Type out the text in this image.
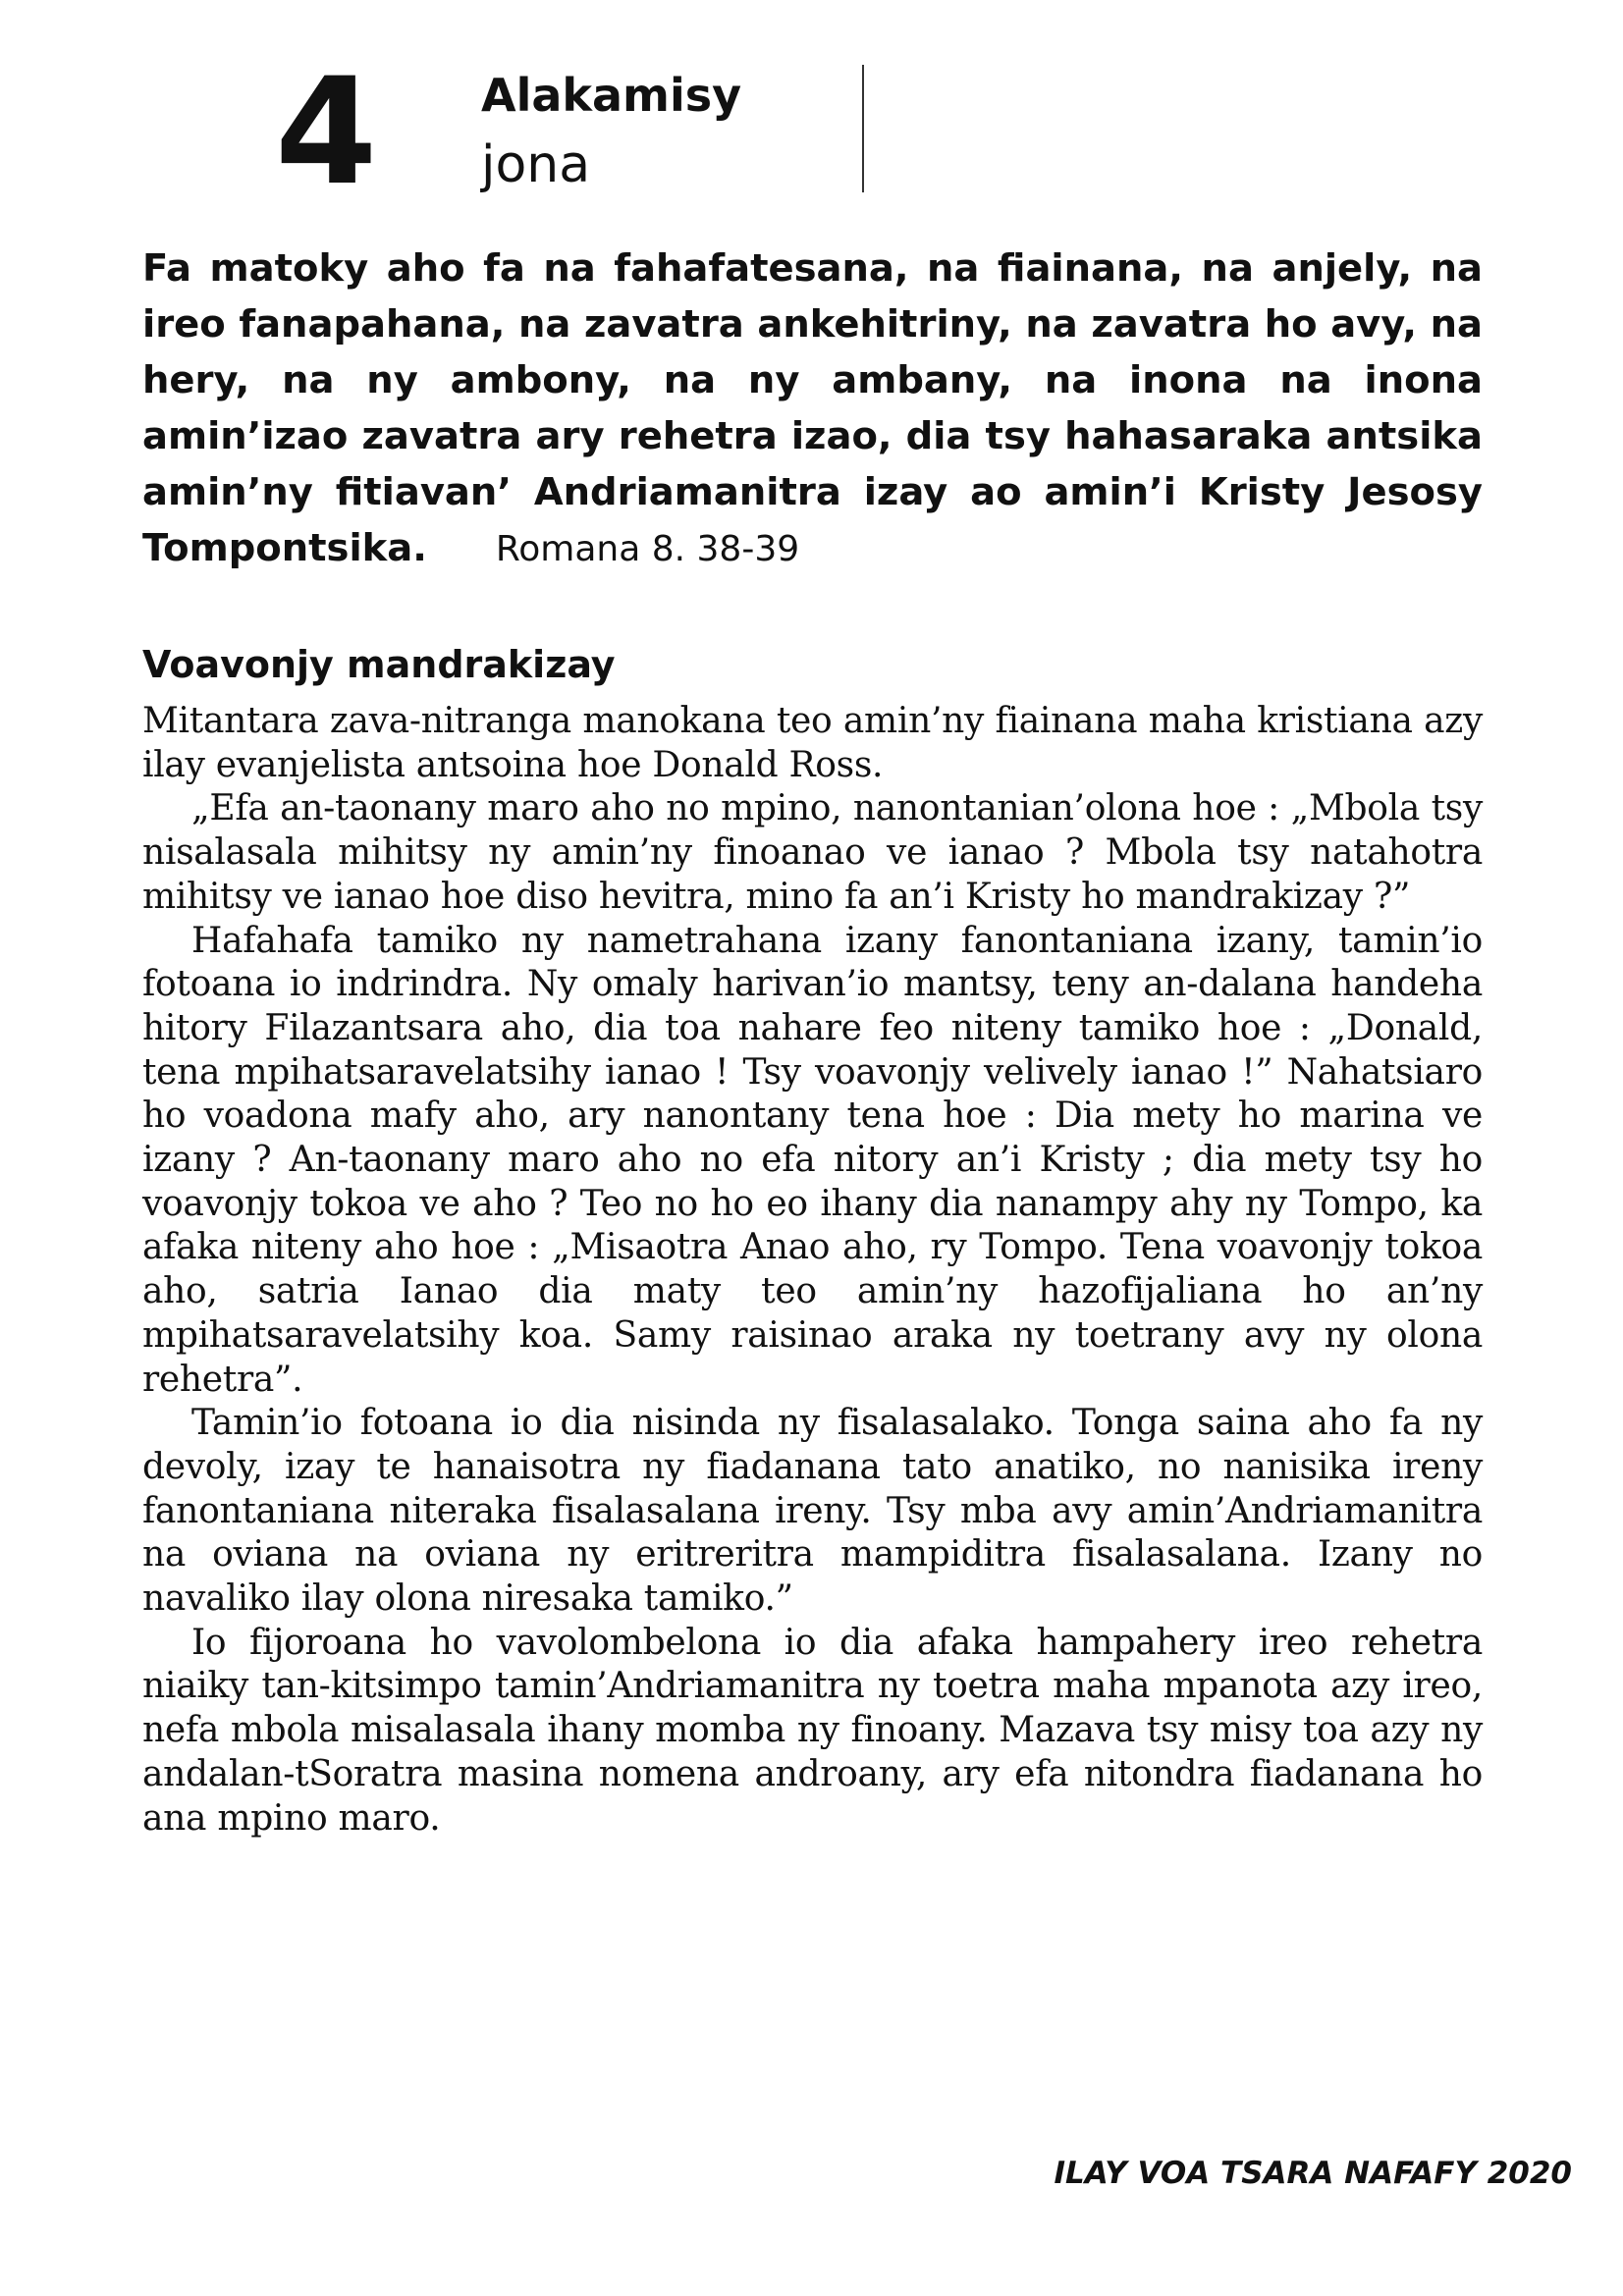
4 Alakamisy
jona
Fa matoky aho fa na fahafatesana, na fiainana, na anjely, na ireo fanapahana, na zavatra ankehitriny, na zavatra ho avy, na hery, na ny ambony, na ny ambany, na inona na inona amin’izao zavatra ary rehetra izao, dia tsy hahasaraka antsika amin’ny fitiavan’ Andriamanitra izay ao amin’i Kristy Jesosy Tompontsika. Romana 8. 38-39
Voavonjy mandrakizay

Mitantara zava-nitranga manokana teo amin’ny fiainana maha kristiana azy ilay evanjelista antsoina hoe Donald Ross.

„Efa an-taonany maro aho no mpino, nanontanian’olona hoe : „Mbola tsy nisalasala mihitsy ny amin’ny finoanao ve ianao ? Mbola tsy natahotra mihitsy ve ianao hoe diso hevitra, mino fa an’i Kristy ho mandrakizay ?”

Hafahafa tamiko ny nametrahana izany fanontaniana izany, tamin’io fotoana io indrindra. Ny omaly harivan’io mantsy, teny an-dalana handeha hitory Filazantsara aho, dia toa nahare feo niteny tamiko hoe : „Donald, tena mpihatsaravelatsihy ianao ! Tsy voavonjy velively ianao !” Nahatsiaro ho voadona mafy aho, ary nanontany tena hoe : Dia mety ho marina ve izany ? An-taonany maro aho no efa nitory an’i Kristy ; dia mety tsy ho voavonjy tokoa ve aho ? Teo no ho eo ihany dia nanampy ahy ny Tompo, ka afaka niteny aho hoe : „Misaotra Anao aho, ry Tompo. Tena voavonjy tokoa aho, satria Ianao dia maty teo amin’ny hazofijaliana ho an’ny mpihatsaravelatsihy koa. Samy raisinao araka ny toetrany avy ny olona rehetra”.

Tamin’io fotoana io dia nisinda ny fisalasalako. Tonga saina aho fa ny devoly, izay te hanaisotra ny fiadanana tato anatiko, no nanisika ireny fanontaniana niteraka fisalasalana ireny. Tsy mba avy amin’Andriamanitra na oviana na oviana ny eritreritra mampiditra fisalasalana. Izany no navaliko ilay olona niresaka tamiko.”

Io fijoroana ho vavolombelona io dia afaka hampahery ireo rehetra niaiky tan-kitsimpo tamin’Andriamanitra ny toetra maha mpanota azy ireo, nefa mbola misalasala ihany momba ny finoany. Mazava tsy misy toa azy ny andalan-tSoratra masina nomena androany, ary efa nitondra fiadanana ho ana mpino maro.

ILAY VOA TSARA NAFAFY 2020
